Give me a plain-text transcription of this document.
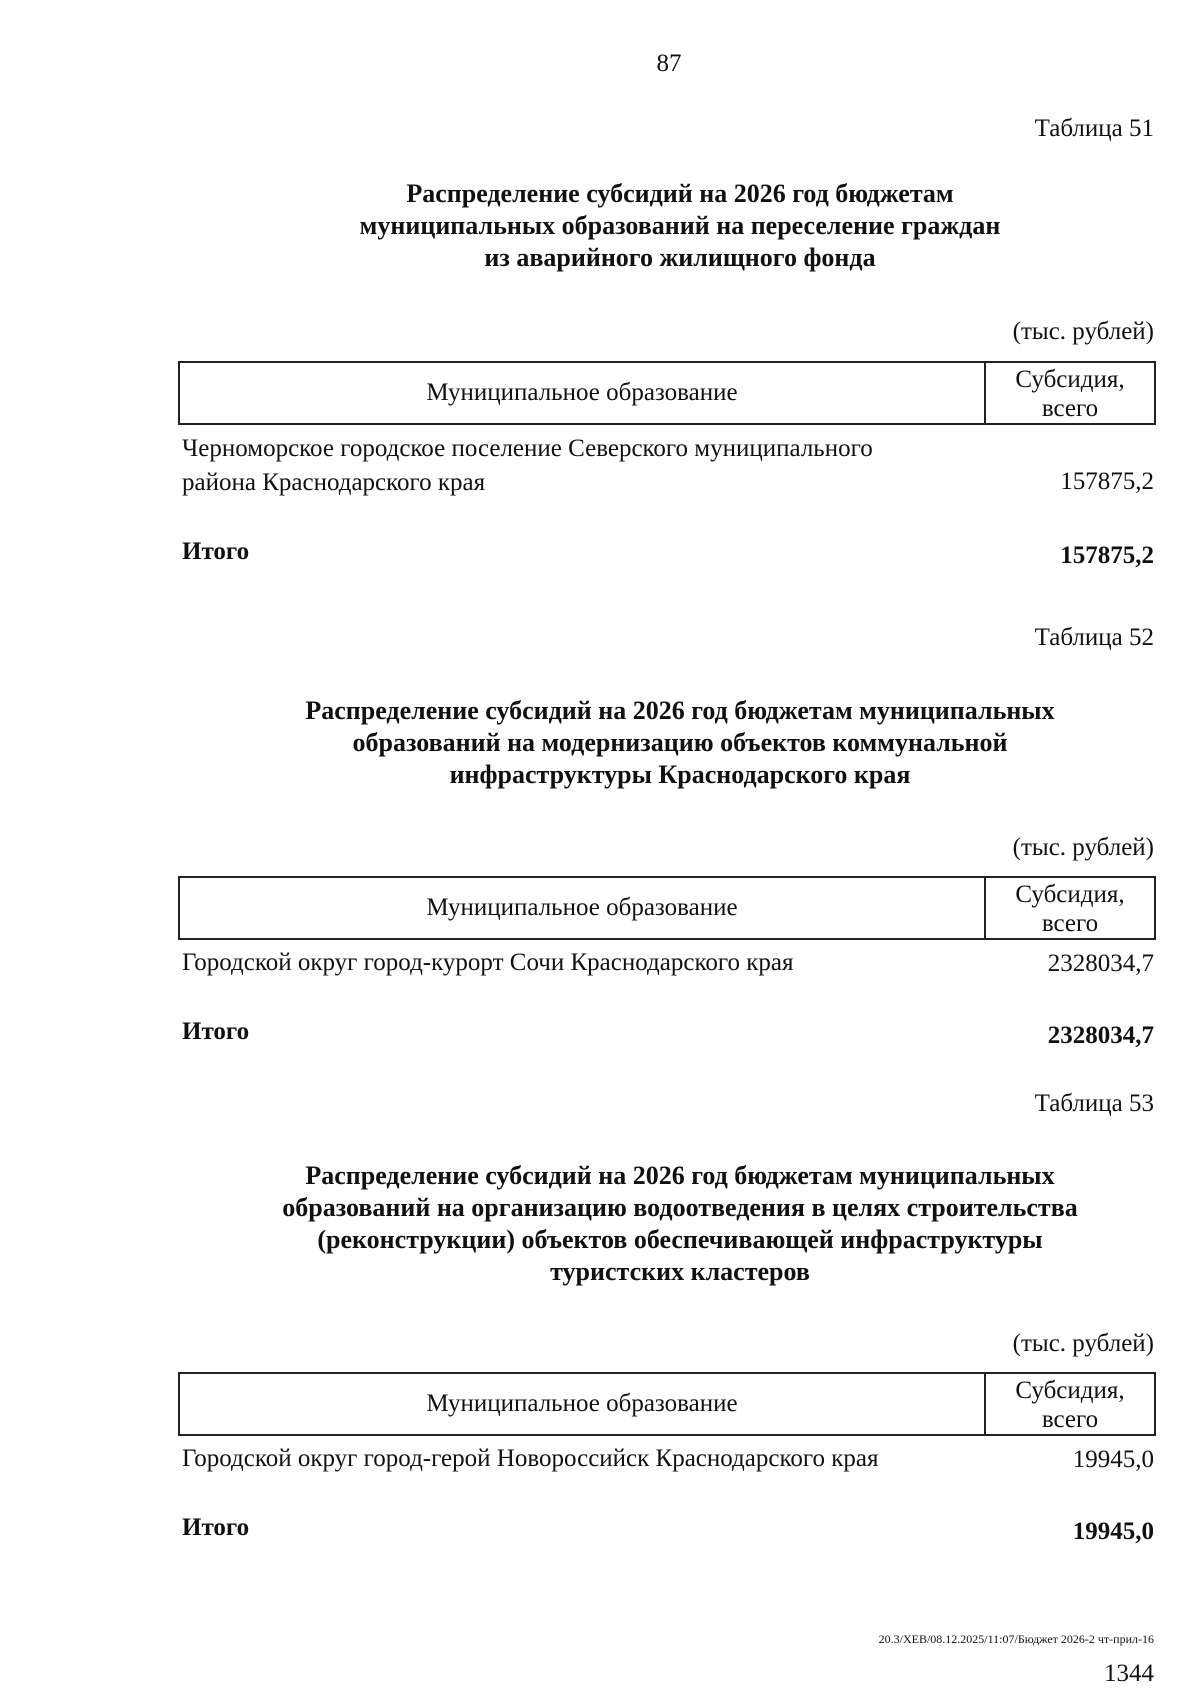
87
Таблица 51
Распределение субсидий на 2026 год бюджетам
муниципальных образований на переселение граждан
из аварийного жилищного фонда
(тыс. рублей)
Муниципальное образование	Субсидия,
всего
Черноморское городское поселение Северского муниципального
района Краснодарского края	157875,2
Итого	157875,2
Таблица 52
Распределение субсидий на 2026 год бюджетам муниципальных
образований на модернизацию объектов коммунальной
инфраструктуры Краснодарского края
(тыс. рублей)
Муниципальное образование	Субсидия,
всего
Городской округ город-курорт Сочи Краснодарского края	2328034,7
Итого	2328034,7
Таблица 53
Распределение субсидий на 2026 год бюджетам муниципальных
образований на организацию водоотведения в целях строительства
(реконструкции) объектов обеспечивающей инфраструктуры
туристских кластеров
(тыс. рублей)
Муниципальное образование	Субсидия,
всего
Городской округ город-герой Новороссийск Краснодарского края	19945,0
Итого	19945,0
20.3/ХЕВ/08.12.2025/11:07/Бюджет 2026-2 чт-прил-16
1344
